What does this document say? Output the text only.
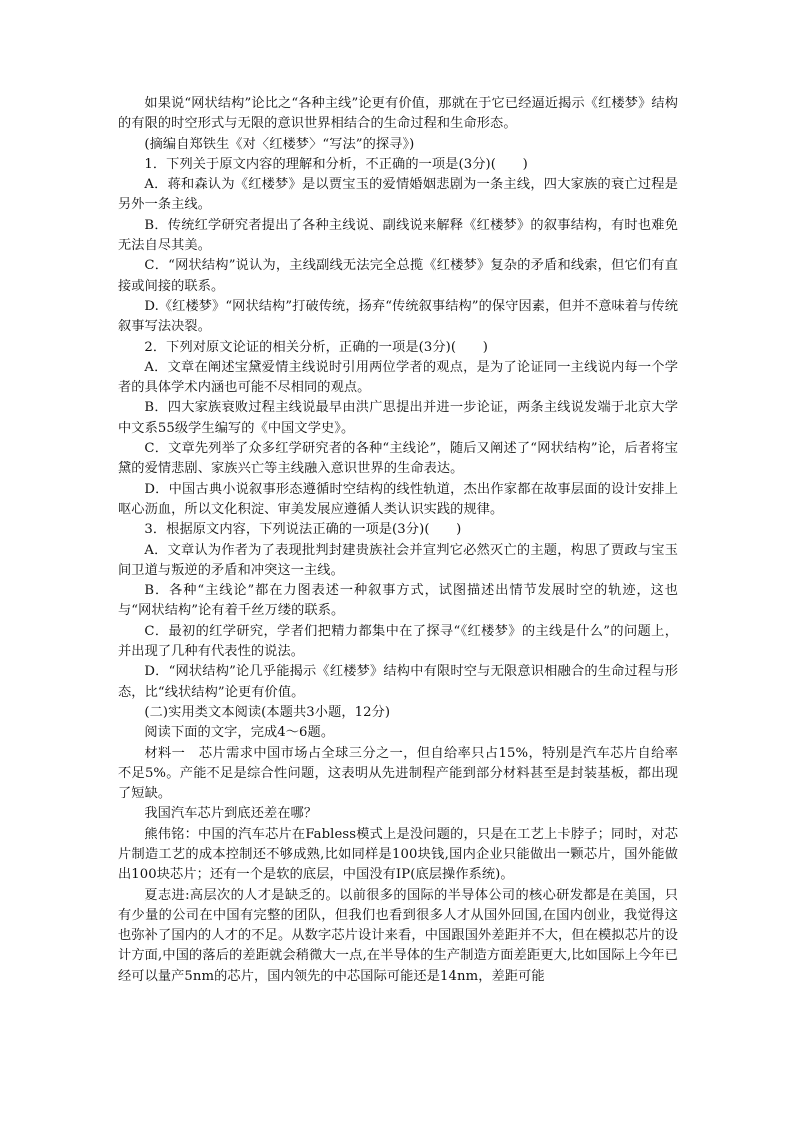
如果说“网状结构”论比之“各种主线”论更有价值，那就在于它已经逼近揭示《红楼梦》结构的有限的时空形式与无限的意识世界相结合的生命过程和生命形态。

(摘编自郑铁生《对〈红楼梦〉“写法”的探寻》)

1．下列关于原文内容的理解和分析，不正确的一项是(3分)(　　)

A．蒋和森认为《红楼梦》是以贾宝玉的爱情婚姻悲剧为一条主线，四大家族的衰亡过程是另外一条主线。

B．传统红学研究者提出了各种主线说、副线说来解释《红楼梦》的叙事结构，有时也难免无法自尽其美。

C．“网状结构”说认为，主线副线无法完全总揽《红楼梦》复杂的矛盾和线索，但它们有直接或间接的联系。

D.《红楼梦》“网状结构”打破传统，扬弃“传统叙事结构”的保守因素，但并不意味着与传统叙事写法决裂。

2．下列对原文论证的相关分析，正确的一项是(3分)(　　)

A．文章在阐述宝黛爱情主线说时引用两位学者的观点，是为了论证同一主线说内每一个学者的具体学术内涵也可能不尽相同的观点。

B．四大家族衰败过程主线说最早由洪广思提出并进一步论证，两条主线说发端于北京大学中文系55级学生编写的《中国文学史》。

C．文章先列举了众多红学研究者的各种“主线论”，随后又阐述了“网状结构”论，后者将宝黛的爱情悲剧、家族兴亡等主线融入意识世界的生命表达。

D．中国古典小说叙事形态遵循时空结构的线性轨道，杰出作家都在故事层面的设计安排上呕心沥血，所以文化积淀、审美发展应遵循人类认识实践的规律。

3．根据原文内容，下列说法正确的一项是(3分)(　　)

A．文章认为作者为了表现批判封建贵族社会并宣判它必然灭亡的主题，构思了贾政与宝玉间卫道与叛逆的矛盾和冲突这一主线。

B．各种“主线论”都在力图表述一种叙事方式，试图描述出情节发展时空的轨迹，这也与“网状结构”论有着千丝万缕的联系。

C．最初的红学研究，学者们把精力都集中在了探寻“《红楼梦》的主线是什么”的问题上，并出现了几种有代表性的说法。

D．“网状结构”论几乎能揭示《红楼梦》结构中有限时空与无限意识相融合的生命过程与形态，比“线状结构”论更有价值。

(二)实用类文本阅读(本题共3小题，12分)

阅读下面的文字，完成4～6题。

材料一　芯片需求中国市场占全球三分之一，但自给率只占15%，特别是汽车芯片自给率不足5%。产能不足是综合性问题，这表明从先进制程产能到部分材料甚至是封装基板，都出现了短缺。

我国汽车芯片到底还差在哪？

熊伟铭：中国的汽车芯片在Fabless模式上是没问题的，只是在工艺上卡脖子；同时，对芯片制造工艺的成本控制还不够成熟,比如同样是100块钱,国内企业只能做出一颗芯片，国外能做出100块芯片；还有一个是软的底层，中国没有IP(底层操作系统)。

夏志进:高层次的人才是缺乏的。以前很多的国际的半导体公司的核心研发都是在美国，只有少量的公司在中国有完整的团队，但我们也看到很多人才从国外回国,在国内创业，我觉得这也弥补了国内的人才的不足。从数字芯片设计来看，中国跟国外差距并不大，但在模拟芯片的设计方面,中国的落后的差距就会稍微大一点,在半导体的生产制造方面差距更大,比如国际上今年已经可以量产5nm的芯片，国内领先的中芯国际可能还是14nm，差距可能
